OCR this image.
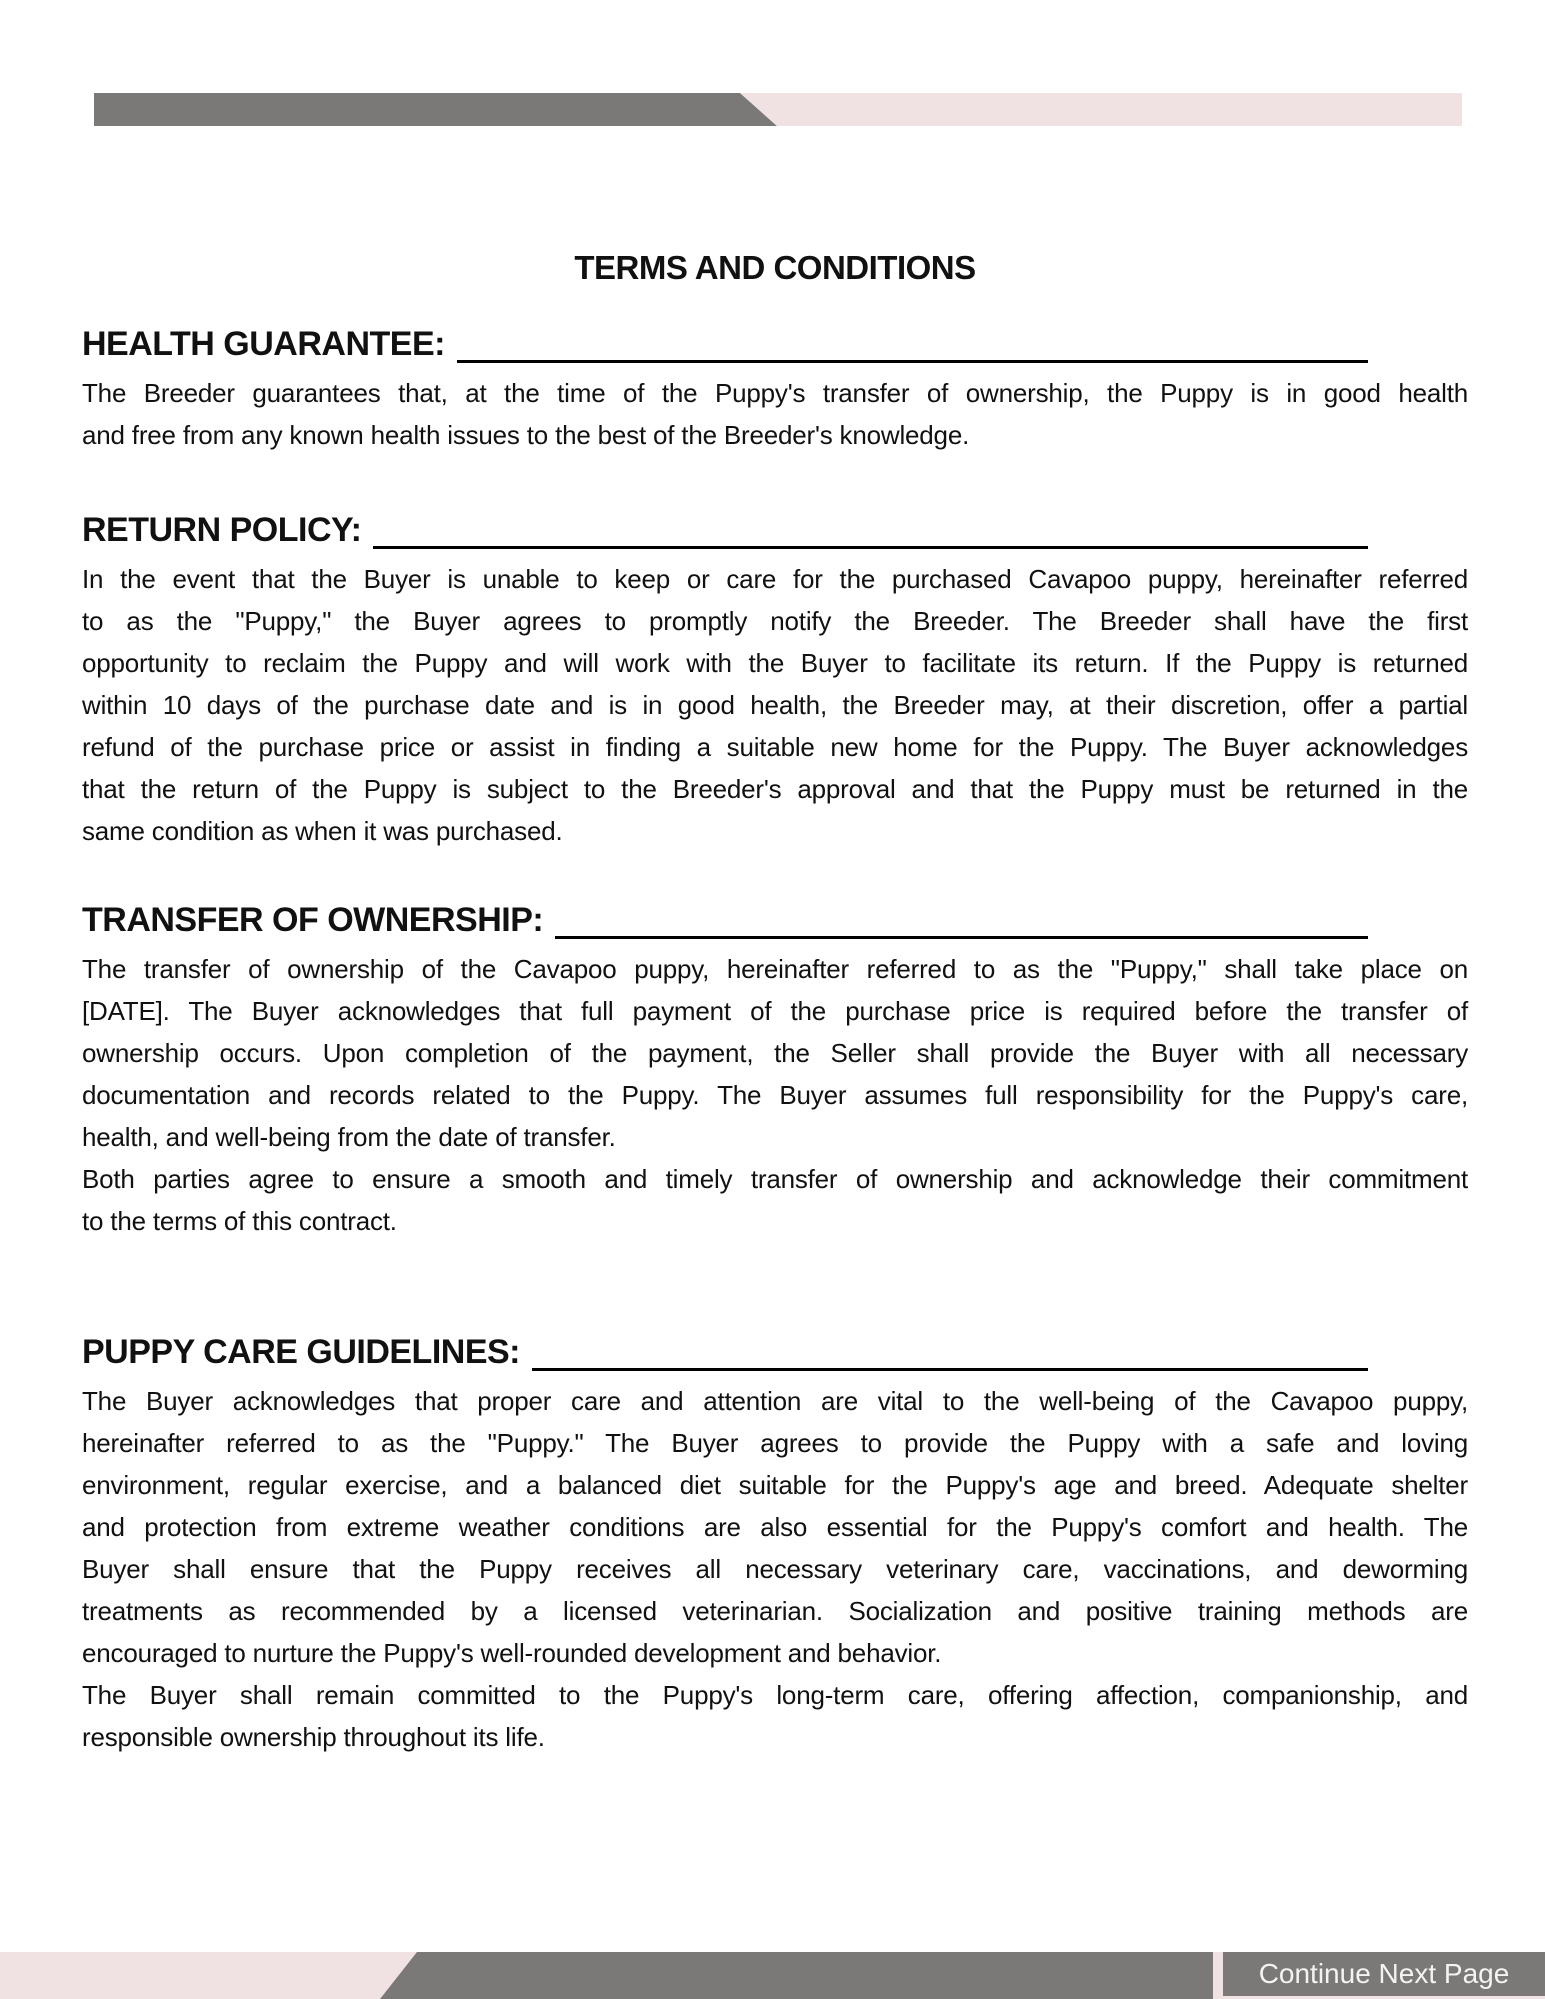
TERMS AND CONDITIONS
HEALTH GUARANTEE:
The Breeder guarantees that, at the time of the Puppy's transfer of ownership, the Puppy is in good health
and free from any known health issues to the best of the Breeder's knowledge.
RETURN POLICY:
In the event that the Buyer is unable to keep or care for the purchased Cavapoo puppy, hereinafter referred
to as the "Puppy," the Buyer agrees to promptly notify the Breeder. The Breeder shall have the first
opportunity to reclaim the Puppy and will work with the Buyer to facilitate its return. If the Puppy is returned
within 10 days of the purchase date and is in good health, the Breeder may, at their discretion, offer a partial
refund of the purchase price or assist in finding a suitable new home for the Puppy. The Buyer acknowledges
that the return of the Puppy is subject to the Breeder's approval and that the Puppy must be returned in the
same condition as when it was purchased.
TRANSFER OF OWNERSHIP:
The transfer of ownership of the Cavapoo puppy, hereinafter referred to as the "Puppy," shall take place on
[DATE]. The Buyer acknowledges that full payment of the purchase price is required before the transfer of
ownership occurs. Upon completion of the payment, the Seller shall provide the Buyer with all necessary
documentation and records related to the Puppy. The Buyer assumes full responsibility for the Puppy's care,
health, and well-being from the date of transfer.
Both parties agree to ensure a smooth and timely transfer of ownership and acknowledge their commitment
to the terms of this contract.
PUPPY CARE GUIDELINES:
The Buyer acknowledges that proper care and attention are vital to the well-being of the Cavapoo puppy,
hereinafter referred to as the "Puppy." The Buyer agrees to provide the Puppy with a safe and loving
environment, regular exercise, and a balanced diet suitable for the Puppy's age and breed. Adequate shelter
and protection from extreme weather conditions are also essential for the Puppy's comfort and health. The
Buyer shall ensure that the Puppy receives all necessary veterinary care, vaccinations, and deworming
treatments as recommended by a licensed veterinarian. Socialization and positive training methods are
encouraged to nurture the Puppy's well-rounded development and behavior.
The Buyer shall remain committed to the Puppy's long-term care, offering affection, companionship, and
responsible ownership throughout its life.
Continue Next Page
